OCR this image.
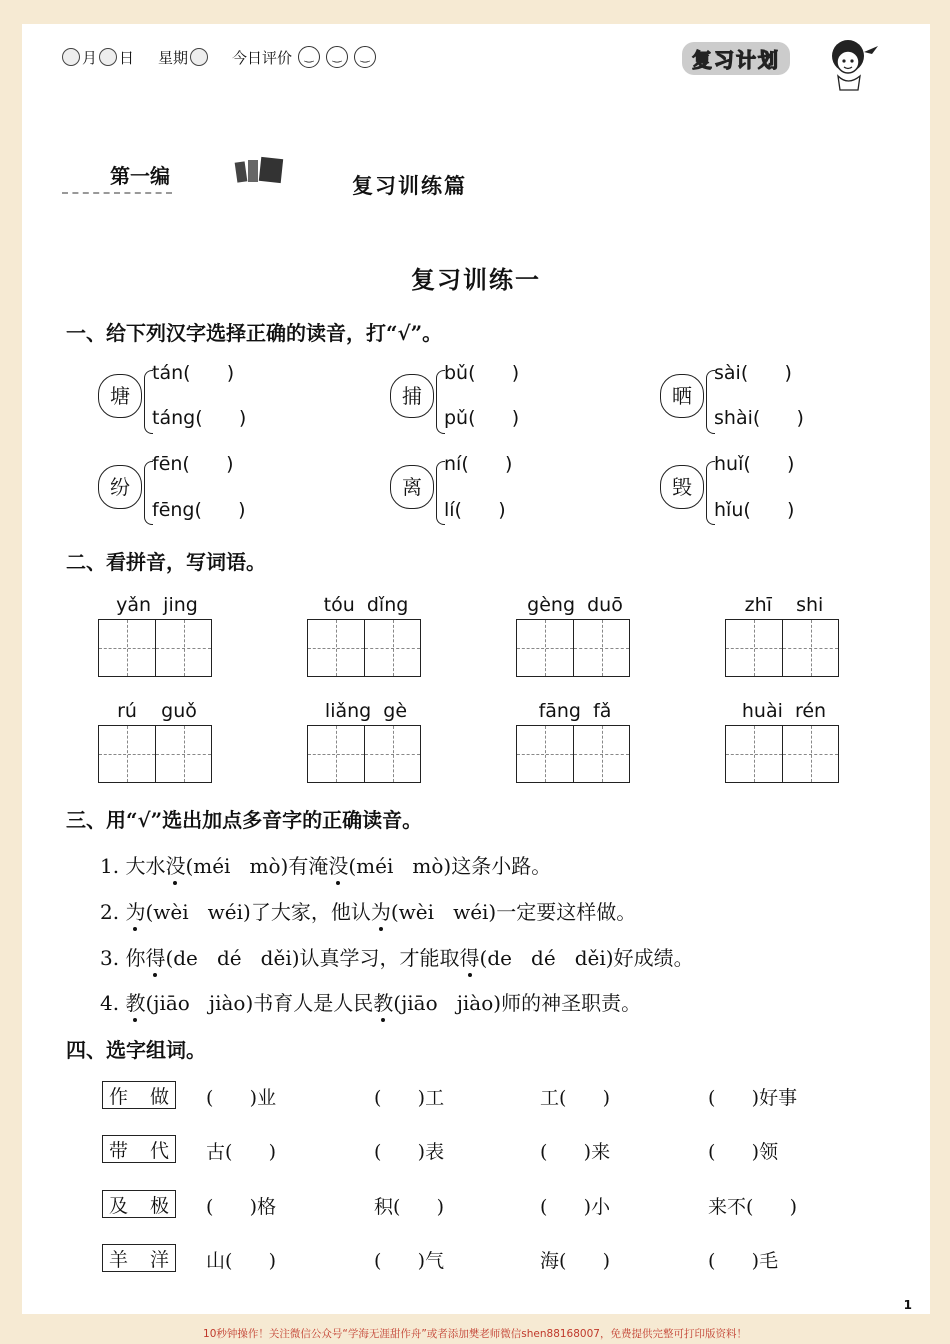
月 日 星期	今日评价	‿	‿	‿	复习计划
第一编	复习训练篇
复习训练一
一、给下列汉字选择正确的读音，打“√”。
塘
tán(      )
táng(      )
捕
bǔ(      )
pǔ(      )
晒
sài(      )
shài(      )
纷
fēn(      )
fēng(      )
离
ní(      )
lí(      )
毁
huǐ(      )
hǐu(      )
二、看拼音，写词语。
yǎn  jing	tóu  dǐng	gèng  duō	zhī    shi
rú    guǒ	liǎng  gè	fāng  fǎ	huài  rén
三、用“√”选出加点多音字的正确读音。
1. 大水没(méi   mò)有淹没(méi   mò)这条小路。
2. 为(wèi   wéi)了大家，他认为(wèi   wéi)一定要这样做。
3. 你得(de   dé   děi)认真学习，才能取得(de   dé   děi)好成绩。
4. 教(jiāo   jiào)书育人是人民教(jiāo   jiào)师的神圣职责。
四、选字组词。
作 做 (      )业	(      )工	工(      )	(      )好事
带 代 古(      )	(      )表	(      )来	(      )领
及 极 (      )格	积(      )	(      )小	来不(      )
羊 洋 山(      )	(      )气	海(      )	(      )毛
1
10秒钟操作！关注微信公众号“学海无涯甜作舟”或者添加樊老师微信shen88168007，免费提供完整可打印版资料！
